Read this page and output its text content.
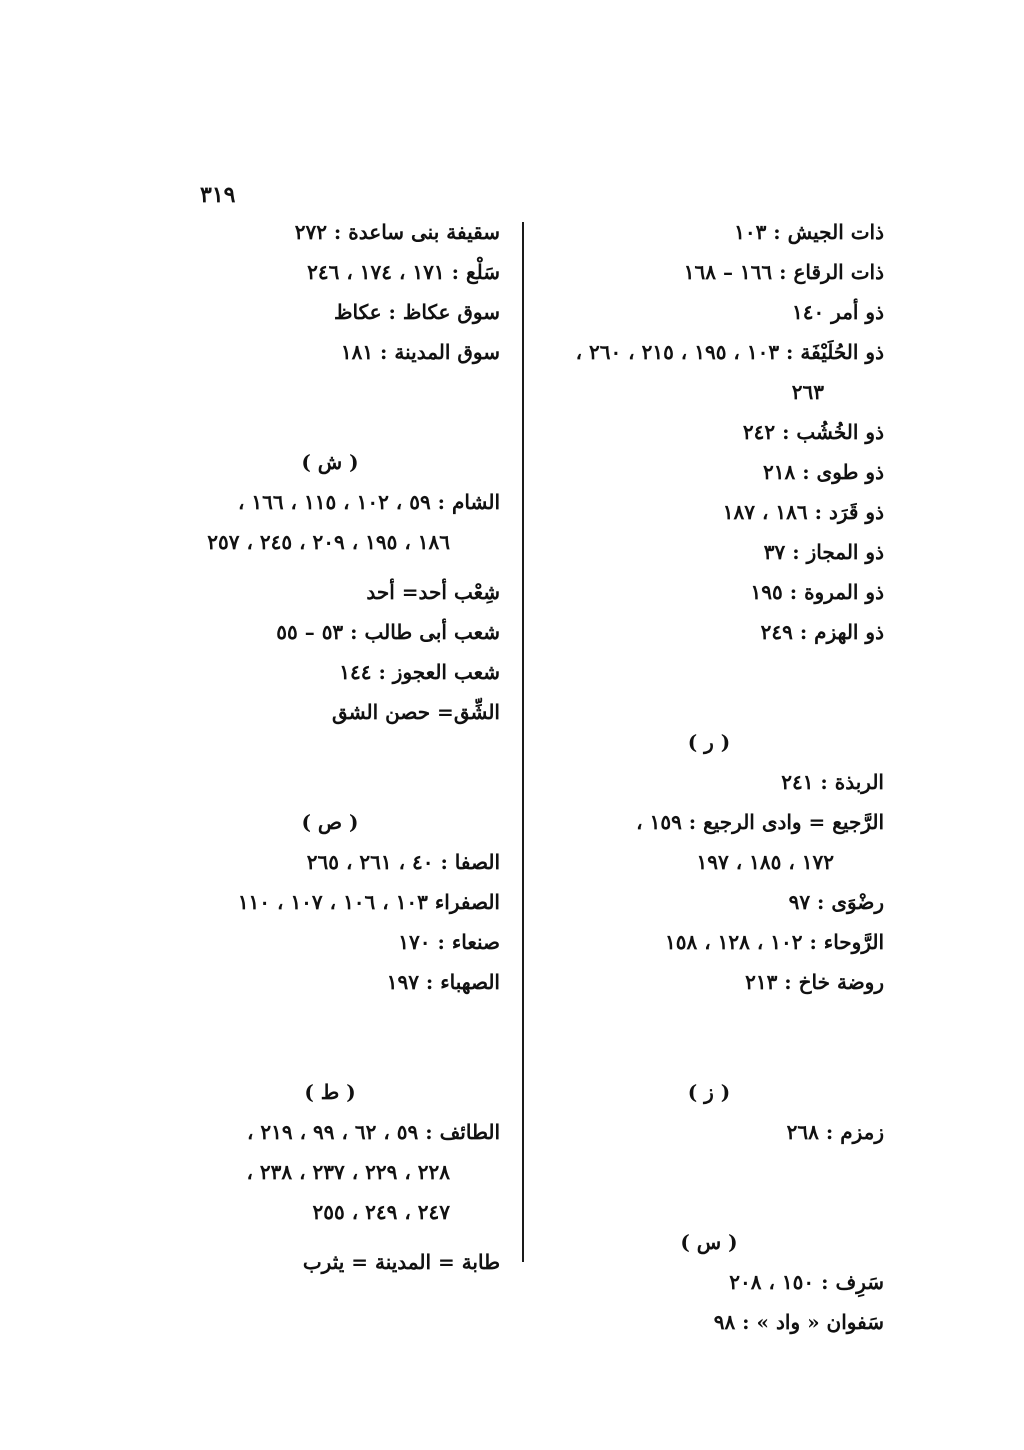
٣١٩
ذات الجيش : ١٠٣
ذات الرقاع : ١٦٦ – ١٦٨
ذو أمر ١٤٠
ذو الحُلَيْفَة : ١٠٣ ، ١٩٥ ، ٢١٥ ، ٢٦٠ ،
٢٦٣
ذو الخُشُب : ٢٤٢
ذو طوى : ٢١٨
ذو قَرَد : ١٨٦ ، ١٨٧
ذو المجاز : ٣٧
ذو المروة : ١٩٥
ذو الهزم : ٢٤٩
( ر )
الربذة : ٢٤١
الرَّجيع = وادى الرجيع : ١٥٩ ،
١٧٢ ، ١٨٥ ، ١٩٧
رضْوَى : ٩٧
الرَّوحاء : ١٠٢ ، ١٢٨ ، ١٥٨
روضة خاخ : ٢١٣
( ز )
زمزم : ٢٦٨
( س )
سَرِف : ١٥٠ ، ٢٠٨
سَفوان « واد » : ٩٨
سقيفة بنى ساعدة : ٢٧٢
سَلْع : ١٧١ ، ١٧٤ ، ٢٤٦
سوق عكاظ : عكاظ
سوق المدينة : ١٨١
( ش )
الشام : ٥٩ ، ١٠٢ ، ١١٥ ، ١٦٦ ،
١٨٦ ، ١٩٥ ، ٢٠٩ ، ٢٤٥ ، ٢٥٧
شِعْب أحد= أحد
شعب أبى طالب : ٥٣ – ٥٥
شعب العجوز : ١٤٤
الشِّق= حصن الشق
( ص )
الصفا : ٤٠ ، ٢٦١ ، ٢٦٥
الصفراء ١٠٣ ، ١٠٦ ، ١٠٧ ، ١١٠
صنعاء : ١٧٠
الصهباء : ١٩٧
( ط )
الطائف : ٥٩ ، ٦٢ ، ٩٩ ، ٢١٩ ،
٢٢٨ ، ٢٢٩ ، ٢٣٧ ، ٢٣٨ ،
٢٤٧ ، ٢٤٩ ، ٢٥٥
طابة = المدينة = يثرب
